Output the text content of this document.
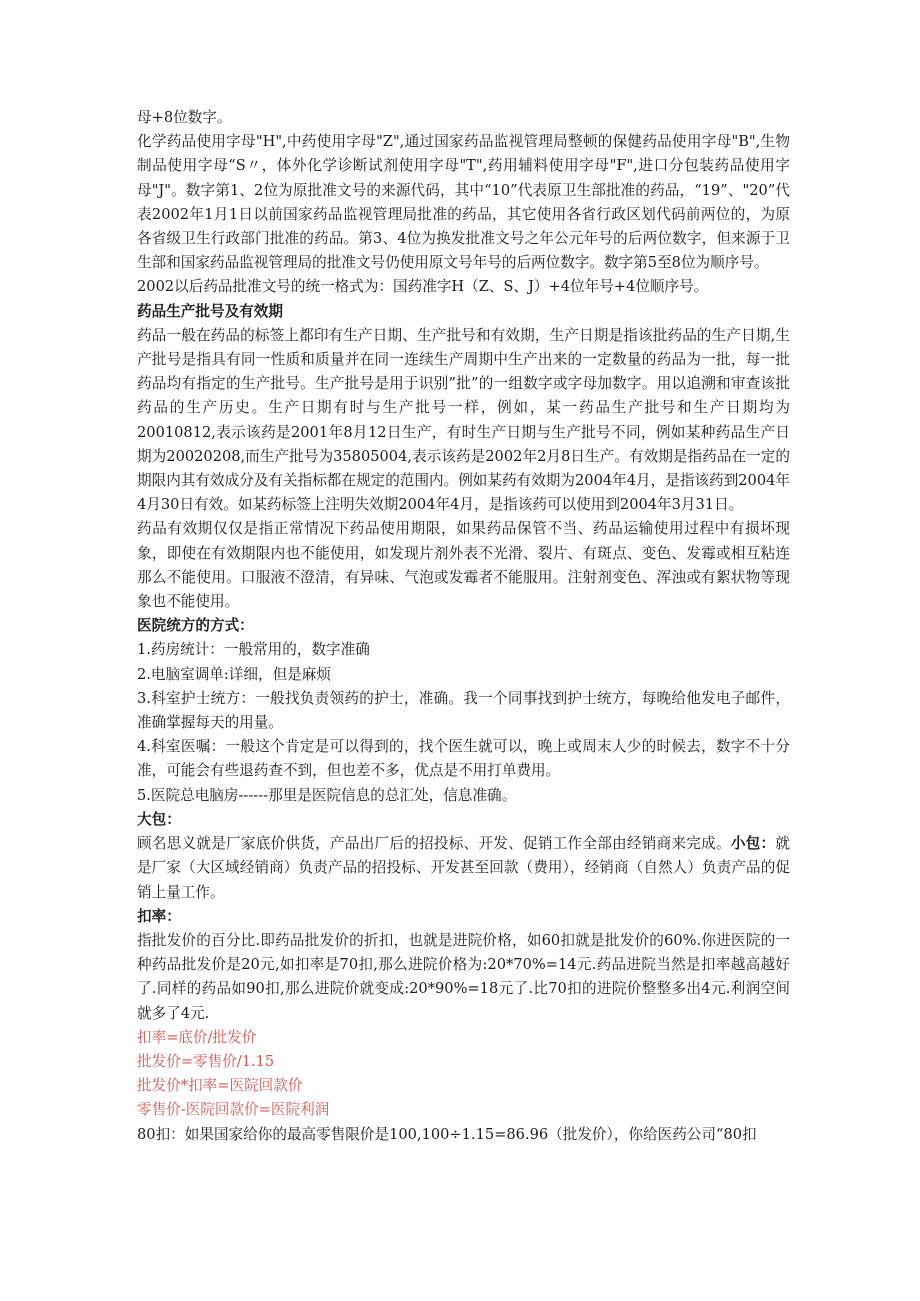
母+8位数字。

化学药品使用字母"H",中药使用字母"Z",通过国家药品监视管理局整顿的保健药品使用字母"B",生物制品使用字母“S〃，体外化学诊断试剂使用字母"T",药用辅料使用字母"F",进口分包装药品使用字母"J"。数字第1、2位为原批准文号的来源代码，其中“10”代表原卫生部批准的药品，“19”、"20”代表2002年1月1日以前国家药品监视管理局批准的药品，其它使用各省行政区划代码前两位的，为原各省级卫生行政部门批准的药品。第3、4位为换发批准文号之年公元年号的后两位数字，但来源于卫生部和国家药品监视管理局的批准文号仍使用原文号年号的后两位数字。数字第5至8位为顺序号。

2002以后药品批准文号的统一格式为：国药准字H（Z、S、J）+4位年号+4位顺序号。

药品生产批号及有效期

药品一般在药品的标签上都印有生产日期、生产批号和有效期，生产日期是指该批药品的生产日期,生产批号是指具有同一性质和质量并在同一连续生产周期中生产出来的一定数量的药品为一批，每一批药品均有指定的生产批号。生产批号是用于识别”批”的一组数字或字母加数字。用以追溯和审查该批药品的生产历史。生产日期有时与生产批号一样，例如，某一药品生产批号和生产日期均为20010812,表示该药是2001年8月12日生产，有时生产日期与生产批号不同，例如某种药品生产日期为20020208,而生产批号为35805004,表示该药是2002年2月8日生产。有效期是指药品在一定的期限内其有效成分及有关指标都在规定的范围内。例如某药有效期为2004年4月，是指该药到2004年4月30日有效。如某药标签上注明失效期2004年4月，是指该药可以使用到2004年3月31日。

药品有效期仅仅是指正常情况下药品使用期限，如果药品保管不当、药品运输使用过程中有损坏现象，即使在有效期限内也不能使用，如发现片剂外表不光滑、裂片、有斑点、变色、发霉或相互粘连那么不能使用。口服液不澄清，有异味、气泡或发霉者不能服用。注射剂变色、浑浊或有絮状物等现象也不能使用。

医院统方的方式：

1.药房统计：一般常用的，数字准确

2.电脑室调单:详细，但是麻烦

3.科室护士统方：一般找负责领药的护士，准确。我一个同事找到护士统方，每晚给他发电子邮件，准确掌握每天的用量。

4.科室医嘱：一般这个肯定是可以得到的，找个医生就可以，晚上或周末人少的时候去，数字不十分准，可能会有些退药查不到，但也差不多，优点是不用打单费用。

5.医院总电脑房------那里是医院信息的总汇处，信息准确。

大包：

顾名思义就是厂家底价供货，产品出厂后的招投标、开发、促销工作全部由经销商来完成。小包：就是厂家（大区域经销商）负责产品的招投标、开发甚至回款（费用），经销商（自然人）负责产品的促销上量工作。

扣率：

指批发价的百分比.即药品批发价的折扣，也就是进院价格，如60扣就是批发价的60%.你进医院的一种药品批发价是20元,如扣率是70扣,那么进院价格为:20*70%=14元.药品进院当然是扣率越高越好了.同样的药品如90扣,那么进院价就变成:20*90%=18元了.比70扣的进院价整整多出4元.利润空间就多了4元.

扣率=底价/批发价

批发价=零售价/1.15

批发价*扣率=医院回款价

零售价-医院回款价=医院利润

80扣：如果国家给你的最高零售限价是100,100÷1.15=86.96（批发价），你给医药公司“80扣
